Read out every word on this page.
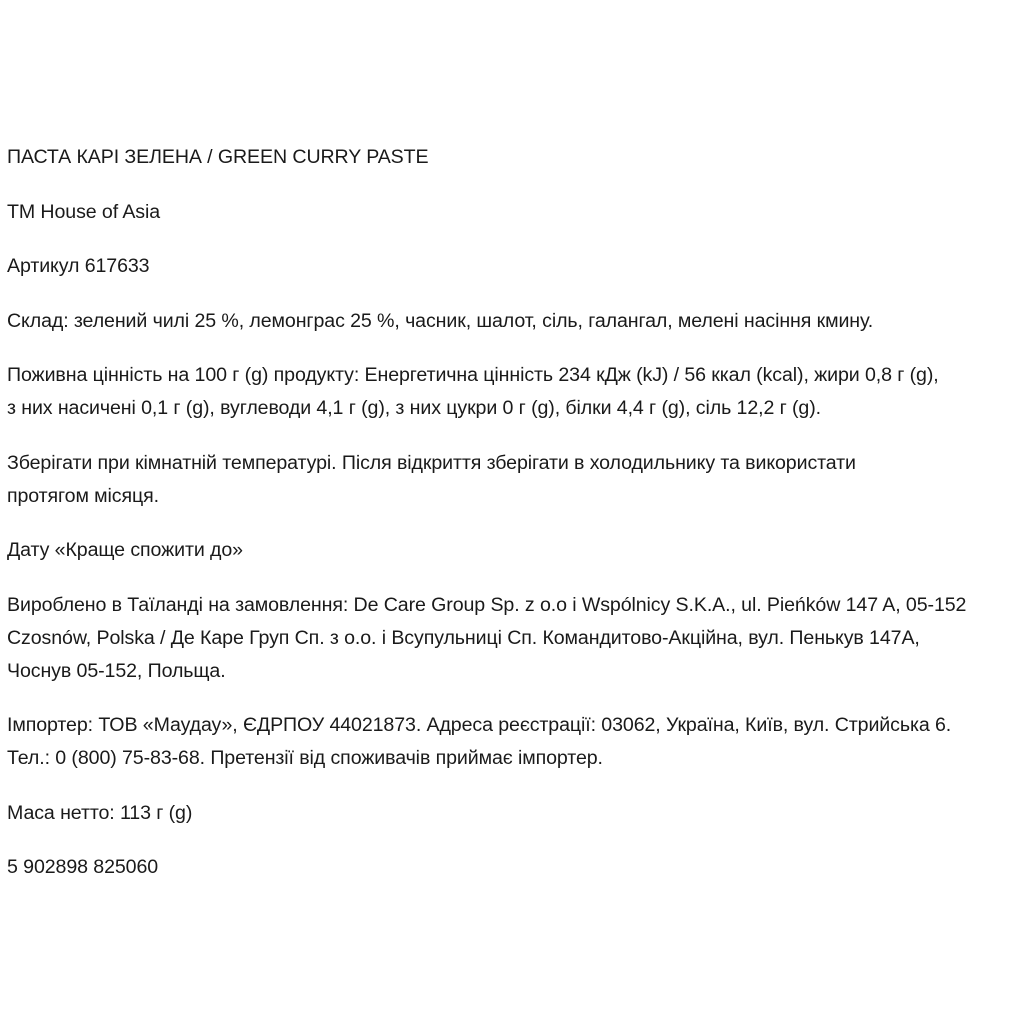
ПАСТА КАРІ ЗЕЛЕНА / GREEN CURRY PASTE

TM House of Asia

Артикул 617633

Склад: зелений чилі 25 %, лемонграс 25 %, часник, шалот, сіль, галангал, мелені насіння кмину.

Поживна цінність на 100 г (g) продукту: Енергетична цінність 234 кДж (kJ) / 56 ккал (kcal), жири 0,8 г (g),
з них насичені 0,1 г (g), вуглеводи 4,1 г (g), з них цукри 0 г (g), білки 4,4 г (g), сіль 12,2 г (g).

Зберігати при кімнатній температурі. Після відкриття зберігати в холодильнику та використати
протягом місяця.

Дату «Краще спожити до»

Вироблено в Таїланді на замовлення: De Care Group Sp. z o.o i Wspólnicy S.K.A., ul. Pieńków 147 A, 05-152
Czosnów, Polska / Де Каре Груп Сп. з о.о. і Всупульниці Сп. Командитово-Акційна, вул. Пенькув 147А,
Чоснув 05-152, Польща.

Імпортер: ТОВ «Маудау», ЄДРПОУ 44021873. Адреса реєстрації: 03062, Україна, Київ, вул. Стрийська 6.
Тел.: 0 (800) 75-83-68. Претензії від споживачів приймає імпортер.

Маса нетто: 113 г (g)

5 902898 825060
